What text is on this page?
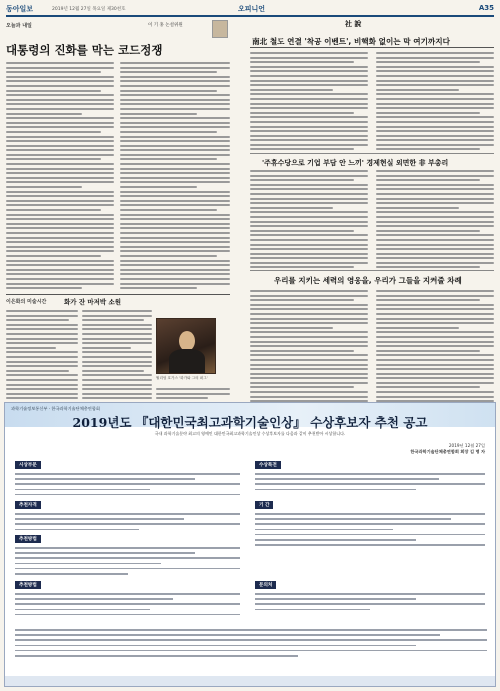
동아일보	2019년 12월 27일 목요일 제30천호	오피니언	A35
오늘과 내일	이 기 홍 논설위원
대통령의 진화를 막는 코드정쟁
이은화의 미술시간	화가 잔 마저박 소원
윌리엄 호가스 '화가와 그의 퍼그'
社 說
南北 철도 연결 '착공 이벤트', 비핵화 없이는 막 여기까지다
'주휴수당으로 기업 부담 안 느끼' 경제현실 외면한 非 부총리
우리를 지키는 세력의 영웅을, 우리가 그들을 지켜줄 차례
과학기술정보통신부 · 한국과학기술단체총연합회
2019년도 『대한민국최고과학기술인상』 수상후보자 추천 공고
국내 과학기술분야 최고의 영예인 대한민국최고과학기술인상 수상후보자를 다음과 같이 추천받아 시상합니다.
2019년 12월 27일
한국과학기술단체총연합회 회장 김 명 자
시상부문
추천자격
추천방법
추천방법
수상특전
기 간
문의처
